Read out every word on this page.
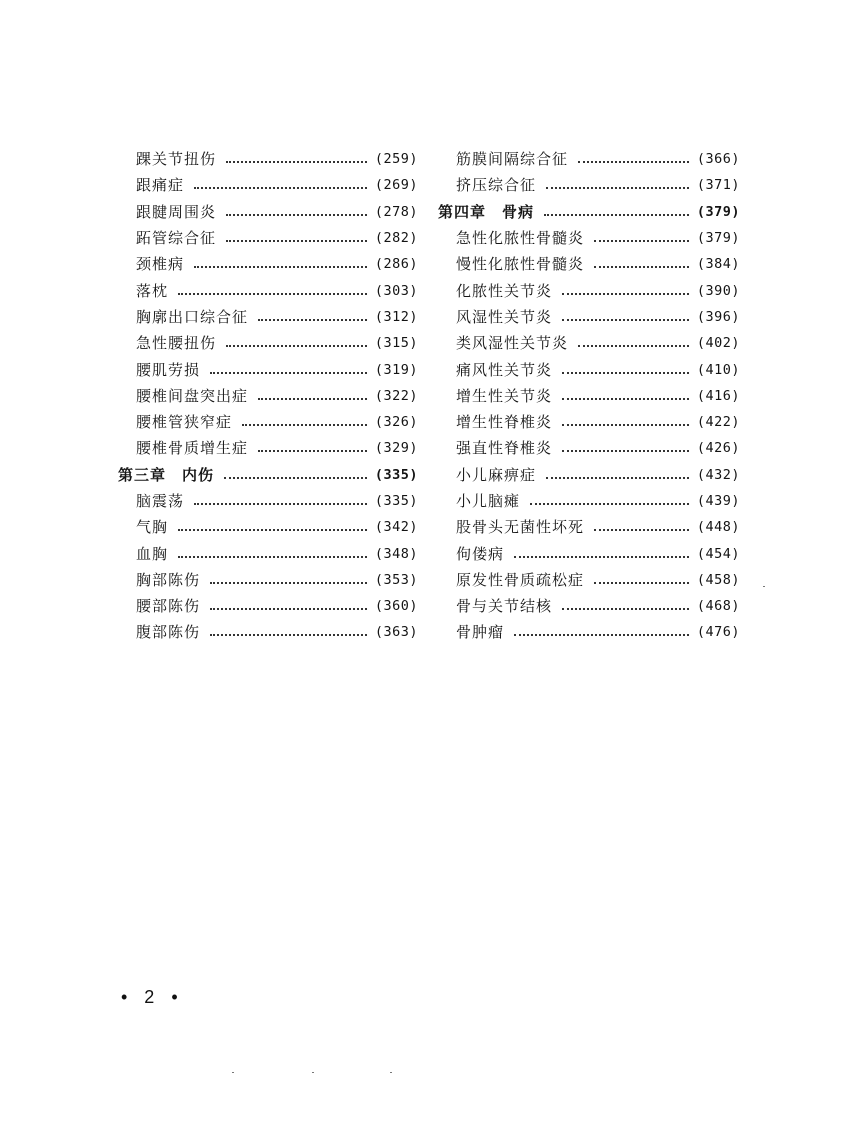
踝关节扭伤	(259)
跟痛症	(269)
跟腱周围炎	(278)
跖管综合征	(282)
颈椎病	(286)
落枕	(303)
胸廓出口综合征	(312)
急性腰扭伤	(315)
腰肌劳损	(319)
腰椎间盘突出症	(322)
腰椎管狭窄症	(326)
腰椎骨质增生症	(329)
第三章 内伤	(335)
脑震荡	(335)
气胸	(342)
血胸	(348)
胸部陈伤	(353)
腰部陈伤	(360)
腹部陈伤	(363)
筋膜间隔综合征	(366)
挤压综合征	(371)
第四章 骨病	(379)
急性化脓性骨髓炎	(379)
慢性化脓性骨髓炎	(384)
化脓性关节炎	(390)
风湿性关节炎	(396)
类风湿性关节炎	(402)
痛风性关节炎	(410)
增生性关节炎	(416)
增生性脊椎炎	(422)
强直性脊椎炎	(426)
小儿麻痹症	(432)
小儿脑瘫	(439)
股骨头无菌性坏死	(448)
佝偻病	(454)
原发性骨质疏松症	(458)
骨与关节结核	(468)
骨肿瘤	(476)
• 2 •
